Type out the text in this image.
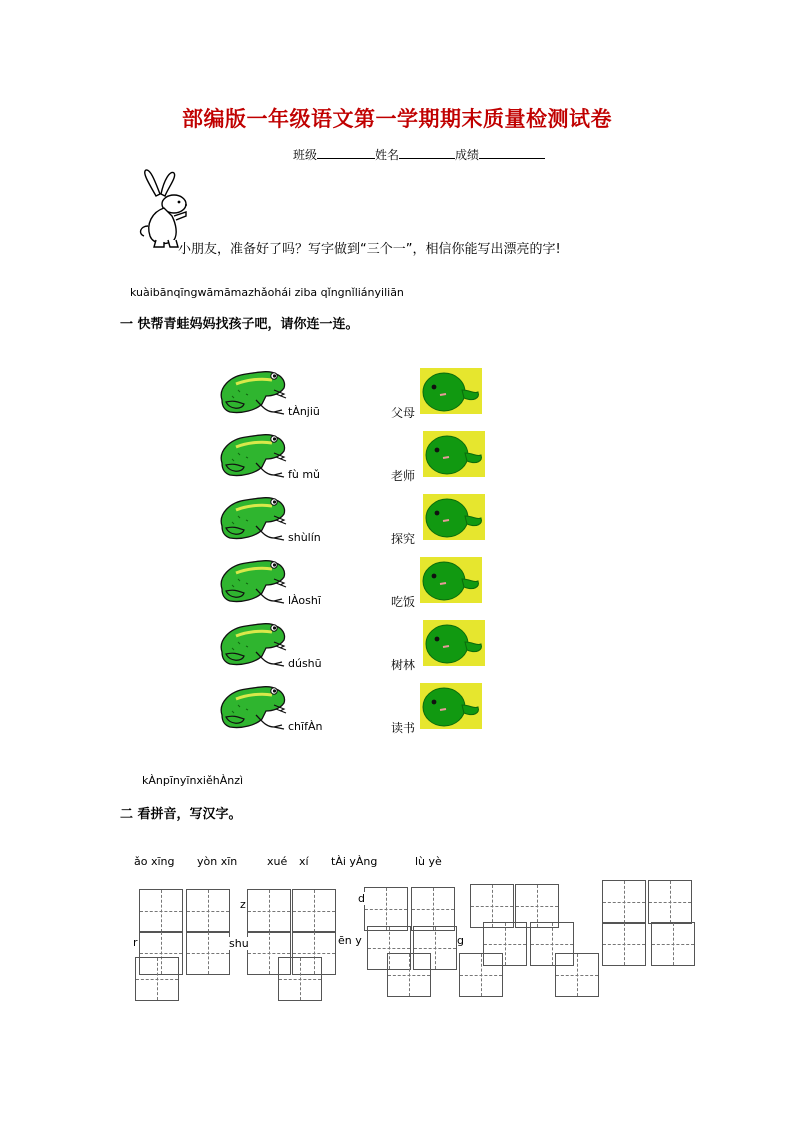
部编版一年级语文第一学期期末质量检测试卷
班级	姓名	成绩
小朋友，准备好了吗？写字做到“三个一”，相信你能写出漂亮的字!
kuàibānqīngwāmāmazhǎohái ziba qǐngnǐliányiliān
一 快帮青蛙妈妈找孩子吧，请你连一连。
tÀnjiū	父母
fù mǔ	老师
shùlín	探究
lÀoshī	吃饭
dúshū	树林
chīfÀn	读书
kÀnpīnyīnxiěhÀnzì
二 看拼音，写汉字。
ǎo xīng yòn xīn	xué xí tÀi yÀng	lù yè
z	d
r	shu	ēn y	g
